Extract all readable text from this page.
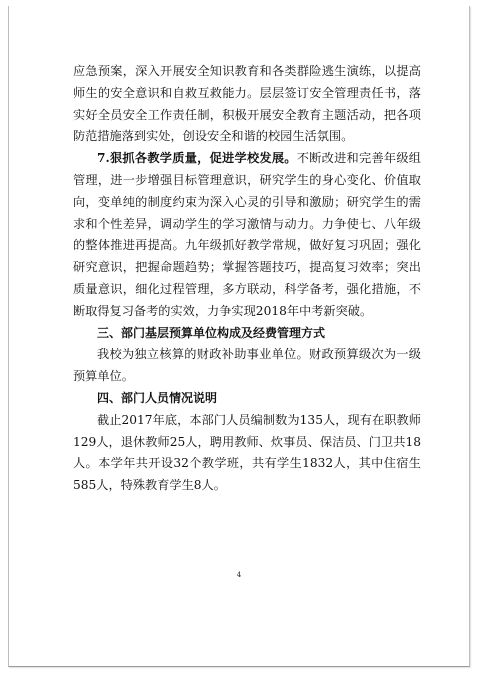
应急预案，深入开展安全知识教育和各类群险逃生演练，以提高师生的安全意识和自救互救能力。层层签订安全管理责任书，落实好全员安全工作责任制，积极开展安全教育主题活动，把各项防范措施落到实处，创设安全和谐的校园生活氛围。

7.狠抓各教学质量，促进学校发展。不断改进和完善年级组管理，进一步增强目标管理意识，研究学生的身心变化、价值取向，变单纯的制度约束为深入心灵的引导和激励；研究学生的需求和个性差异，调动学生的学习激情与动力。力争使七、八年级的整体推进再提高。九年级抓好教学常规，做好复习巩固；强化研究意识，把握命题趋势；掌握答题技巧，提高复习效率；突出质量意识，细化过程管理，多方联动，科学备考，强化措施，不断取得复习备考的实效，力争实现2018年中考新突破。

三、部门基层预算单位构成及经费管理方式

我校为独立核算的财政补助事业单位。财政预算级次为一级预算单位。

四、部门人员情况说明

截止2017年底，本部门人员编制数为135人，现有在职教师129人，退休教师25人，聘用教师、炊事员、保洁员、门卫共18人。本学年共开设32个教学班，共有学生1832人，其中住宿生585人，特殊教育学生8人。

4
